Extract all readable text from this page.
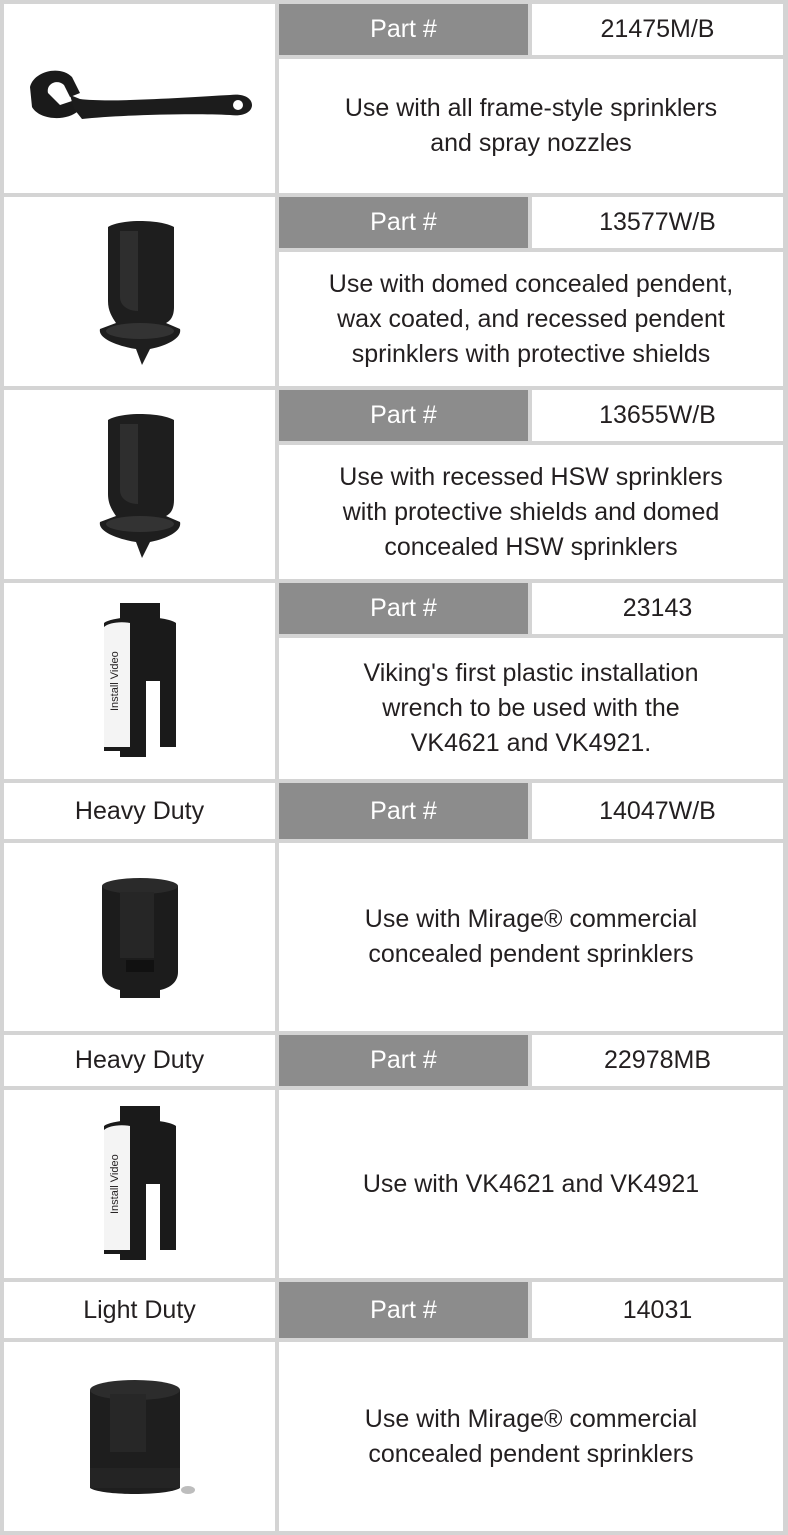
Part #	21475M/B
Use with all frame-style sprinklers
and spray nozzles
Part #	13577W/B
Use with domed concealed pendent,
wax coated, and recessed pendent
sprinklers with protective shields
Part #	13655W/B
Use with recessed HSW sprinklers
with protective shields and domed
concealed HSW sprinklers
Install Video
Part #	23143
Viking's first plastic installation
wrench to be used with the
VK4621 and VK4921.
Heavy Duty	Part #	14047W/B
Use with Mirage® commercial
concealed pendent sprinklers
Heavy Duty	Part #	22978MB
Install Video	Use with VK4621 and VK4921
Light Duty	Part #	14031
Use with Mirage® commercial
concealed pendent sprinklers
